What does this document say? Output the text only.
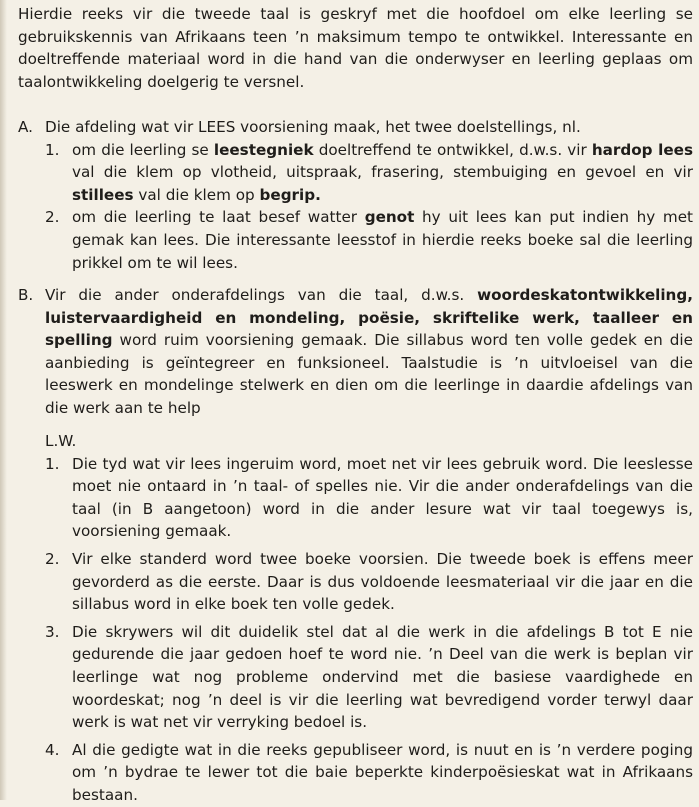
Hierdie reeks vir die tweede taal is geskryf met die hoofdoel om elke leerling se gebruikskennis van Afrikaans teen ’n maksimum tempo te ontwikkel. Interessante en doeltreffende materiaal word in die hand van die onderwyser en leerling geplaas om taalontwikkeling doelgerig te versnel.

A. Die afdeling wat vir LEES voorsiening maak, het twee doelstellings, nl.
1. om die leerling se leestegniek doeltreffend te ontwikkel, d.w.s. vir hardop lees val die klem op vlotheid, uitspraak, frasering, stembuiging en gevoel en vir stillees val die klem op begrip.
2. om die leerling te laat besef watter genot hy uit lees kan put indien hy met gemak kan lees. Die interessante leesstof in hierdie reeks boeke sal die leerling prikkel om te wil lees.
B. Vir die ander onderafdelings van die taal, d.w.s. woordeskatontwikkeling, luistervaardigheid en mondeling, poësie, skriftelike werk, taalleer en spelling word ruim voorsiening gemaak. Die sillabus word ten volle gedek en die aanbieding is geïntegreer en funksioneel. Taalstudie is ’n uitvloeisel van die leeswerk en mondelinge stelwerk en dien om die leerlinge in daardie afdelings van die werk aan te help
L.W.
1. Die tyd wat vir lees ingeruim word, moet net vir lees gebruik word. Die leeslesse moet nie ontaard in ’n taal- of spelles nie. Vir die ander onderafdelings van die taal (in B aangetoon) word in die ander lesure wat vir taal toegewys is, voorsiening gemaak.
2. Vir elke standerd word twee boeke voorsien. Die tweede boek is effens meer gevorderd as die eerste. Daar is dus voldoende leesmateriaal vir die jaar en die sillabus word in elke boek ten volle gedek.
3. Die skrywers wil dit duidelik stel dat al die werk in die afdelings B tot E nie gedurende die jaar gedoen hoef te word nie. ’n Deel van die werk is beplan vir leerlinge wat nog probleme ondervind met die basiese vaardighede en woordeskat; nog ’n deel is vir die leerling wat bevredigend vorder terwyl daar werk is wat net vir verryking bedoel is.
4. Al die gedigte wat in die reeks gepubliseer word, is nuut en is ’n verdere poging om ’n bydrae te lewer tot die baie beperkte kinderpoësieskat wat in Afrikaans bestaan.
